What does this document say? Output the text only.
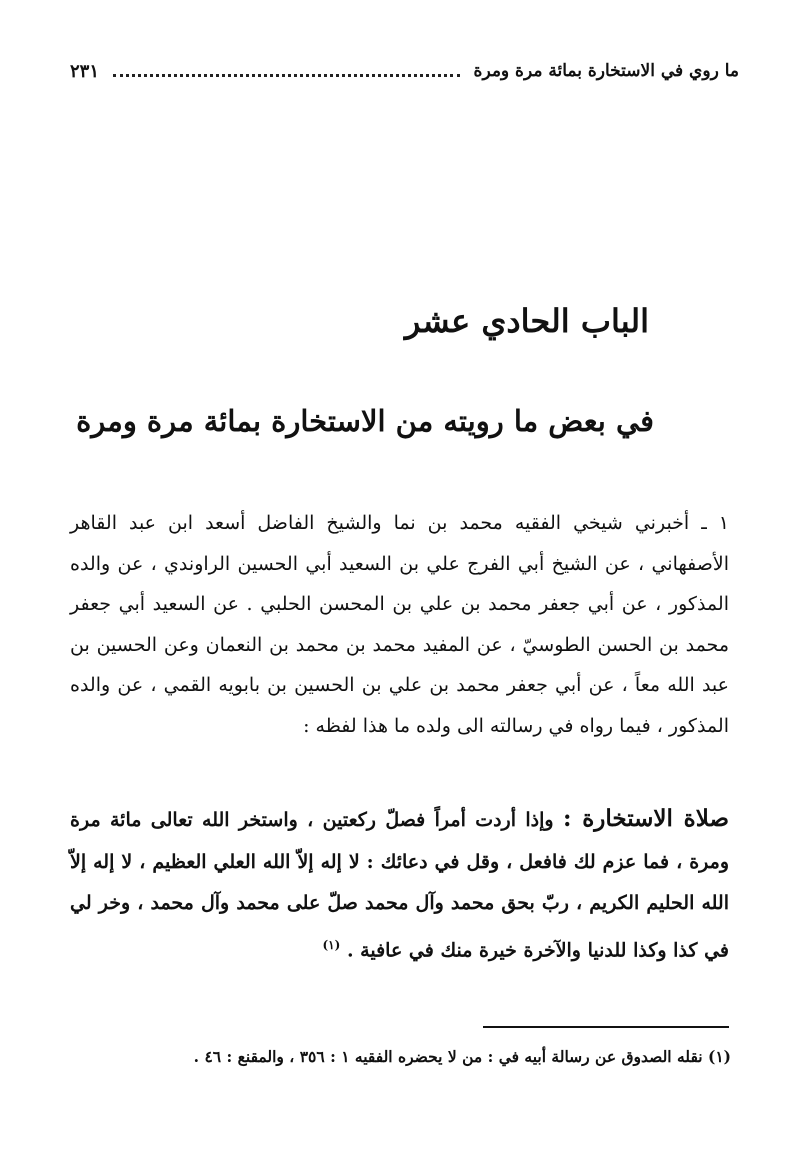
ما روي في الاستخارة بمائة مرة ومرة
٢٣١
الباب الحادي عشر
في بعض ما رويته من الاستخارة بمائة مرة ومرة
١ ـ أخبرني شيخي الفقيه محمد بن نما والشيخ الفاضل أسعد ابن عبد القاهر الأصفهاني ، عن الشيخ أبي الفرج علي بن السعيد أبي الحسين الراوندي ، عن والده المذكور ، عن أبي جعفر محمد بن علي بن المحسن الحلبي . عن السعيد أبي جعفر محمد بن الحسن الطوسيّ ، عن المفيد محمد بن محمد بن النعمان وعن الحسين بن عبد الله معاً ، عن أبي جعفر محمد بن علي بن الحسين بن بابويه القمي ، عن والده المذكور ، فيما رواه في رسالته الى ولده ما هذا لفظه :
صلاة الاستخارة : وإذا أردت أمراً فصلّ ركعتين ، واستخر الله تعالى مائة مرة ومرة ، فما عزم لك فافعل ، وقل في دعائك : لا إله إلاّ الله العلي العظيم ، لا إله إلاّ الله الحليم الكريم ، ربّ بحق محمد وآل محمد صلّ على محمد وآل محمد ، وخر لي في كذا وكذا للدنيا والآخرة خيرة منك في عافية . $^{(١)}$
(١) نقله الصدوق عن رسالة أبيه في : من لا يحضره الفقيه ١ : ٣٥٦ ، والمقنع : ٤٦ .
